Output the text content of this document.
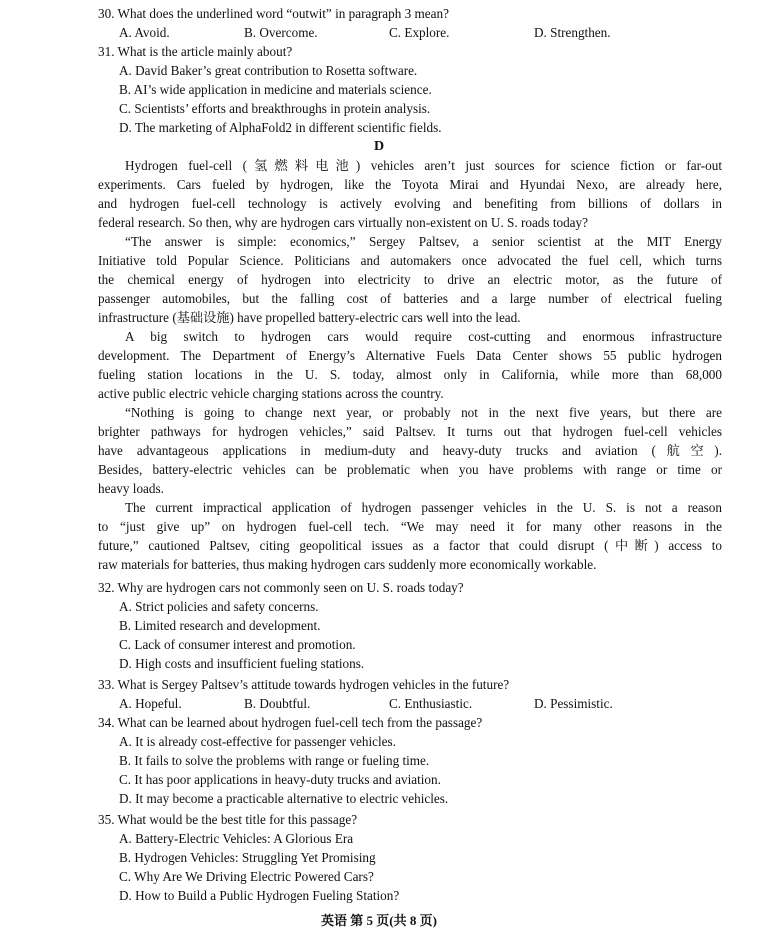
30. What does the underlined word “outwit” in paragraph 3 mean?
A. Avoid.	B. Overcome.	C. Explore.	D. Strengthen.
31. What is the article mainly about?
A. David Baker’s great contribution to Rosetta software.
B. AI’s wide application in medicine and materials science.
C. Scientists’ efforts and breakthroughs in protein analysis.
D. The marketing of AlphaFold2 in different scientific fields.
D
Hydrogen fuel-cell (氢燃料电池) vehicles aren’t just sources for science fiction or far-out
experiments. Cars fueled by hydrogen, like the Toyota Mirai and Hyundai Nexo, are already here,
and hydrogen fuel-cell technology is actively evolving and benefiting from billions of dollars in
federal research. So then, why are hydrogen cars virtually non-existent on U. S. roads today?
“The answer is simple: economics,” Sergey Paltsev, a senior scientist at the MIT Energy
Initiative told Popular Science. Politicians and automakers once advocated the fuel cell, which turns
the chemical energy of hydrogen into electricity to drive an electric motor, as the future of
passenger automobiles, but the falling cost of batteries and a large number of electrical fueling
infrastructure (基础设施) have propelled battery-electric cars well into the lead.
A big switch to hydrogen cars would require cost-cutting and enormous infrastructure
development. The Department of Energy’s Alternative Fuels Data Center shows 55 public hydrogen
fueling station locations in the U. S. today, almost only in California, while more than 68,000
active public electric vehicle charging stations across the country.
“Nothing is going to change next year, or probably not in the next five years, but there are
brighter pathways for hydrogen vehicles,” said Paltsev. It turns out that hydrogen fuel-cell vehicles
have advantageous applications in medium-duty and heavy-duty trucks and aviation (航空).
Besides, battery-electric vehicles can be problematic when you have problems with range or time or
heavy loads.
The current impractical application of hydrogen passenger vehicles in the U. S. is not a reason
to “just give up” on hydrogen fuel-cell tech. “We may need it for many other reasons in the
future,” cautioned Paltsev, citing geopolitical issues as a factor that could disrupt (中断) access to
raw materials for batteries, thus making hydrogen cars suddenly more economically workable.
32. Why are hydrogen cars not commonly seen on U. S. roads today?
A. Strict policies and safety concerns.
B. Limited research and development.
C. Lack of consumer interest and promotion.
D. High costs and insufficient fueling stations.
33. What is Sergey Paltsev’s attitude towards hydrogen vehicles in the future?
A. Hopeful.	B. Doubtful.	C. Enthusiastic.	D. Pessimistic.
34. What can be learned about hydrogen fuel-cell tech from the passage?
A. It is already cost-effective for passenger vehicles.
B. It fails to solve the problems with range or fueling time.
C. It has poor applications in heavy-duty trucks and aviation.
D. It may become a practicable alternative to electric vehicles.
35. What would be the best title for this passage?
A. Battery-Electric Vehicles: A Glorious Era
B. Hydrogen Vehicles: Struggling Yet Promising
C. Why Are We Driving Electric Powered Cars?
D. How to Build a Public Hydrogen Fueling Station?
英语 第 5 页(共 8 页)
